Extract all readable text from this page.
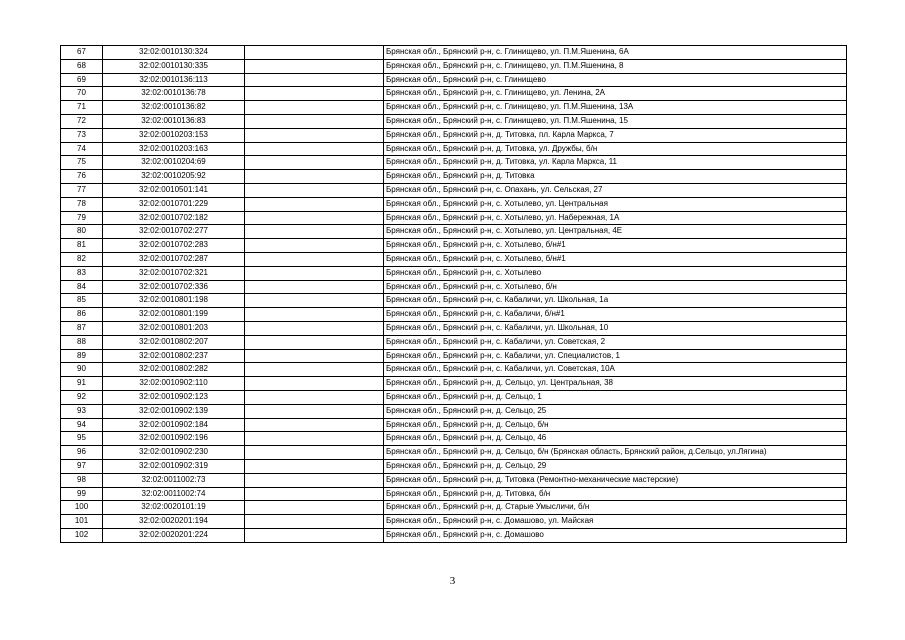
67	32:02:0010130:324		Брянская обл., Брянский р-н, с. Глинищево, ул. П.М.Яшенина, 6А
68	32:02:0010130:335		Брянская обл., Брянский р-н, с. Глинищево, ул. П.М.Яшенина, 8
69	32:02:0010136:113		Брянская обл., Брянский р-н, с. Глинищево
70	32:02:0010136:78		Брянская обл., Брянский р-н, с. Глинищево, ул. Ленина, 2А
71	32:02:0010136:82		Брянская обл., Брянский р-н, с. Глинищево, ул. П.М.Яшенина, 13А
72	32:02:0010136:83		Брянская обл., Брянский р-н, с. Глинищево, ул. П.М.Яшенина, 15
73	32:02:0010203:153		Брянская обл., Брянский р-н, д. Титовка, пл. Карла Маркса, 7
74	32:02:0010203:163		Брянская обл., Брянский р-н, д. Титовка, ул. Дружбы, б/н
75	32:02:0010204:69		Брянская обл., Брянский р-н, д. Титовка, ул. Карла Маркса, 11
76	32:02:0010205:92		Брянская обл., Брянский р-н, д. Титовка
77	32:02:0010501:141		Брянская обл., Брянский р-н, с. Опахань, ул. Сельская, 27
78	32:02:0010701:229		Брянская обл., Брянский р-н, с. Хотылево, ул. Центральная
79	32:02:0010702:182		Брянская обл., Брянский р-н, с. Хотылево, ул. Набережная, 1А
80	32:02:0010702:277		Брянская обл., Брянский р-н, с. Хотылево, ул. Центральная, 4Е
81	32:02:0010702:283		Брянская обл., Брянский р-н, с. Хотылево, б/н#1
82	32:02:0010702:287		Брянская обл., Брянский р-н, с. Хотылево, б/н#1
83	32:02:0010702:321		Брянская обл., Брянский р-н, с. Хотылево
84	32:02:0010702:336		Брянская обл., Брянский р-н, с. Хотылево, б/н
85	32:02:0010801:198		Брянская обл., Брянский р-н, с. Кабаличи, ул. Школьная, 1а
86	32:02:0010801:199		Брянская обл., Брянский р-н, с. Кабаличи, б/н#1
87	32:02:0010801:203		Брянская обл., Брянский р-н, с. Кабаличи, ул. Школьная, 10
88	32:02:0010802:207		Брянская обл., Брянский р-н, с. Кабаличи, ул. Советская, 2
89	32:02:0010802:237		Брянская обл., Брянский р-н, с. Кабаличи, ул. Специалистов, 1
90	32:02:0010802:282		Брянская обл., Брянский р-н, с. Кабаличи, ул. Советская, 10А
91	32:02:0010902:110		Брянская обл., Брянский р-н, д. Сельцо, ул. Центральная, 38
92	32:02:0010902:123		Брянская обл., Брянский р-н, д. Сельцо, 1
93	32:02:0010902:139		Брянская обл., Брянский р-н, д. Сельцо, 25
94	32:02:0010902:184		Брянская обл., Брянский р-н, д. Сельцо, б/н
95	32:02:0010902:196		Брянская обл., Брянский р-н, д. Сельцо, 46
96	32:02:0010902:230		Брянская обл., Брянский р-н, д. Сельцо, б/н (Брянская область, Брянский район, д.Сельцо, ул.Лягина)
97	32:02:0010902:319		Брянская обл., Брянский р-н, д. Сельцо, 29
98	32:02:0011002:73		Брянская обл., Брянский р-н, д. Титовка (Ремонтно-механические мастерские)
99	32:02:0011002:74		Брянская обл., Брянский р-н, д. Титовка, б/н
100	32:02:0020101:19		Брянская обл., Брянский р-н, д. Старые Умысличи, б/н
101	32:02:0020201:194		Брянская обл., Брянский р-н, с. Домашово, ул. Майская
102	32:02:0020201:224		Брянская обл., Брянский р-н, с. Домашово
3
